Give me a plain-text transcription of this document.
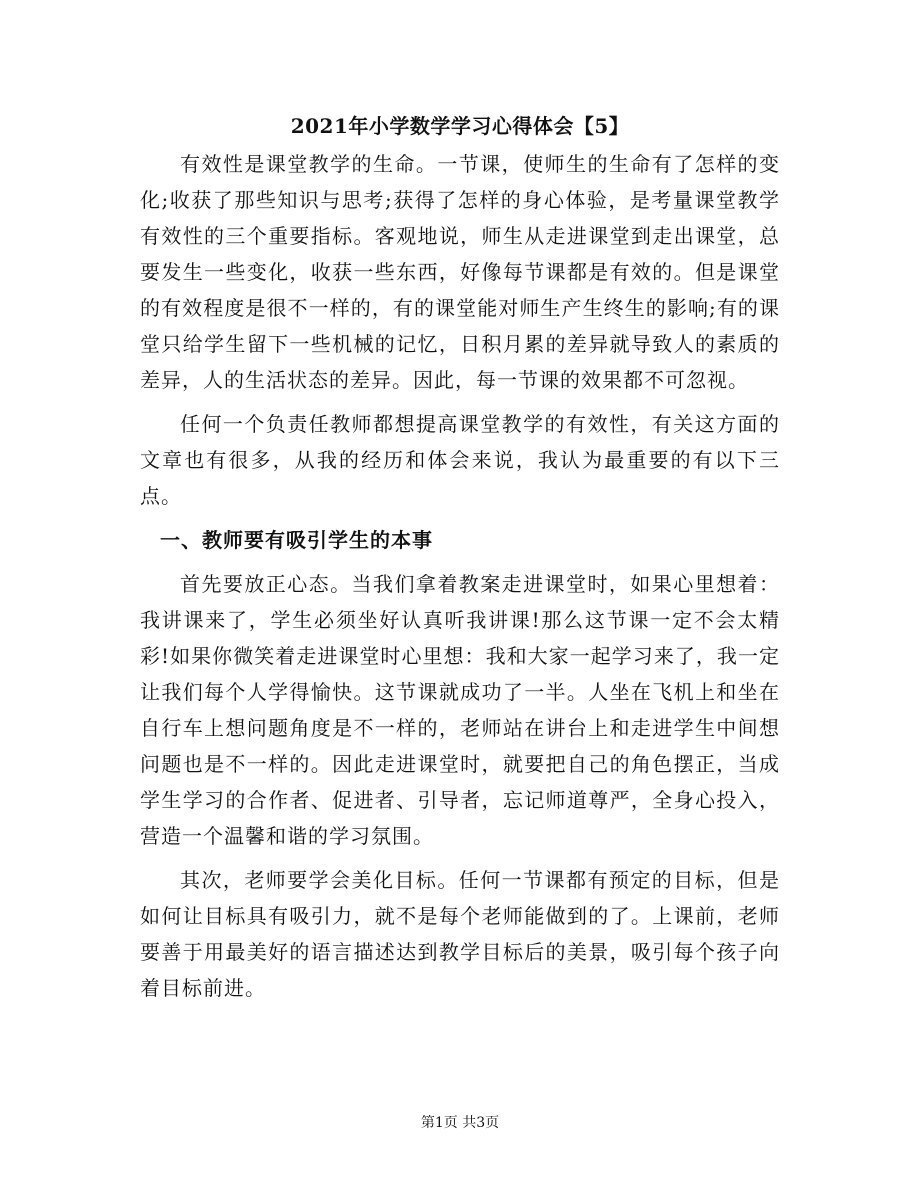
2021年小学数学学习心得体会【5】

有效性是课堂教学的生命。一节课，使师生的生命有了怎样的变化;收获了那些知识与思考;获得了怎样的身心体验，是考量课堂教学有效性的三个重要指标。客观地说，师生从走进课堂到走出课堂，总要发生一些变化，收获一些东西，好像每节课都是有效的。但是课堂的有效程度是很不一样的，有的课堂能对师生产生终生的影响;有的课堂只给学生留下一些机械的记忆，日积月累的差异就导致人的素质的差异，人的生活状态的差异。因此，每一节课的效果都不可忽视。

任何一个负责任教师都想提高课堂教学的有效性，有关这方面的文章也有很多，从我的经历和体会来说，我认为最重要的有以下三点。

一、教师要有吸引学生的本事

首先要放正心态。当我们拿着教案走进课堂时，如果心里想着：我讲课来了，学生必须坐好认真听我讲课!那么这节课一定不会太精彩!如果你微笑着走进课堂时心里想：我和大家一起学习来了，我一定让我们每个人学得愉快。这节课就成功了一半。人坐在飞机上和坐在自行车上想问题角度是不一样的，老师站在讲台上和走进学生中间想问题也是不一样的。因此走进课堂时，就要把自己的角色摆正，当成学生学习的合作者、促进者、引导者，忘记师道尊严，全身心投入，营造一个温馨和谐的学习氛围。

其次，老师要学会美化目标。任何一节课都有预定的目标，但是如何让目标具有吸引力，就不是每个老师能做到的了。上课前，老师要善于用最美好的语言描述达到教学目标后的美景，吸引每个孩子向着目标前进。

第1页 共3页
